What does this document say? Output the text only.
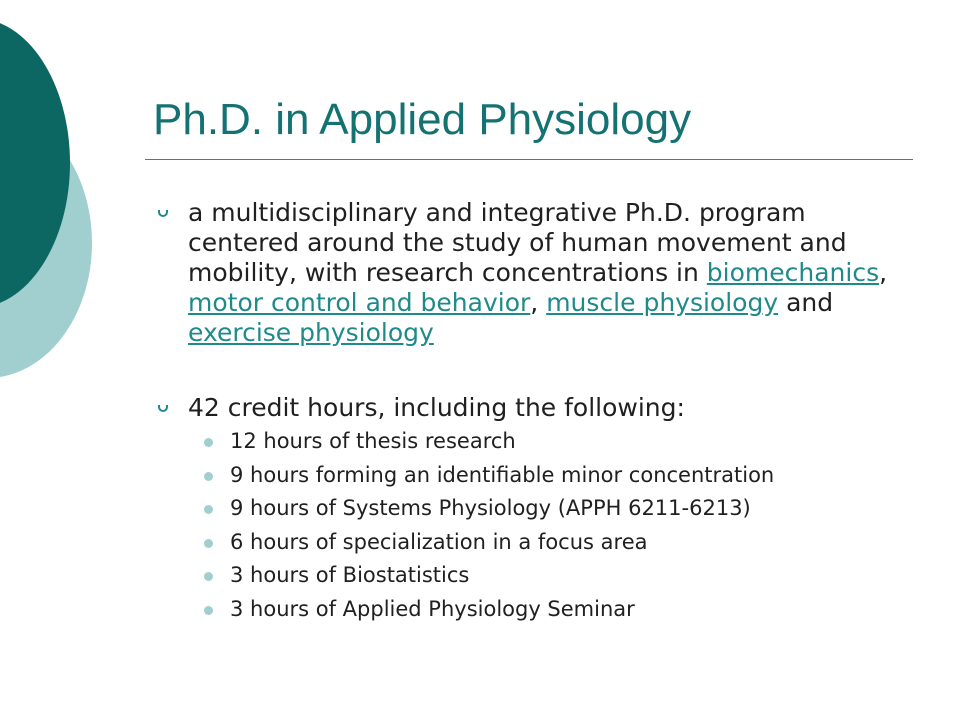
Ph.D. in Applied Physiology
a multidisciplinary and integrative Ph.D. program centered around the study of human movement and mobility, with research concentrations in biomechanics, motor control and behavior, muscle physiology and exercise physiology
42 credit hours, including the following:
12 hours of thesis research
9 hours forming an identifiable minor concentration
9 hours of Systems Physiology (APPH 6211-6213)
6 hours of specialization in a focus area
3 hours of Biostatistics
3 hours of Applied Physiology Seminar
